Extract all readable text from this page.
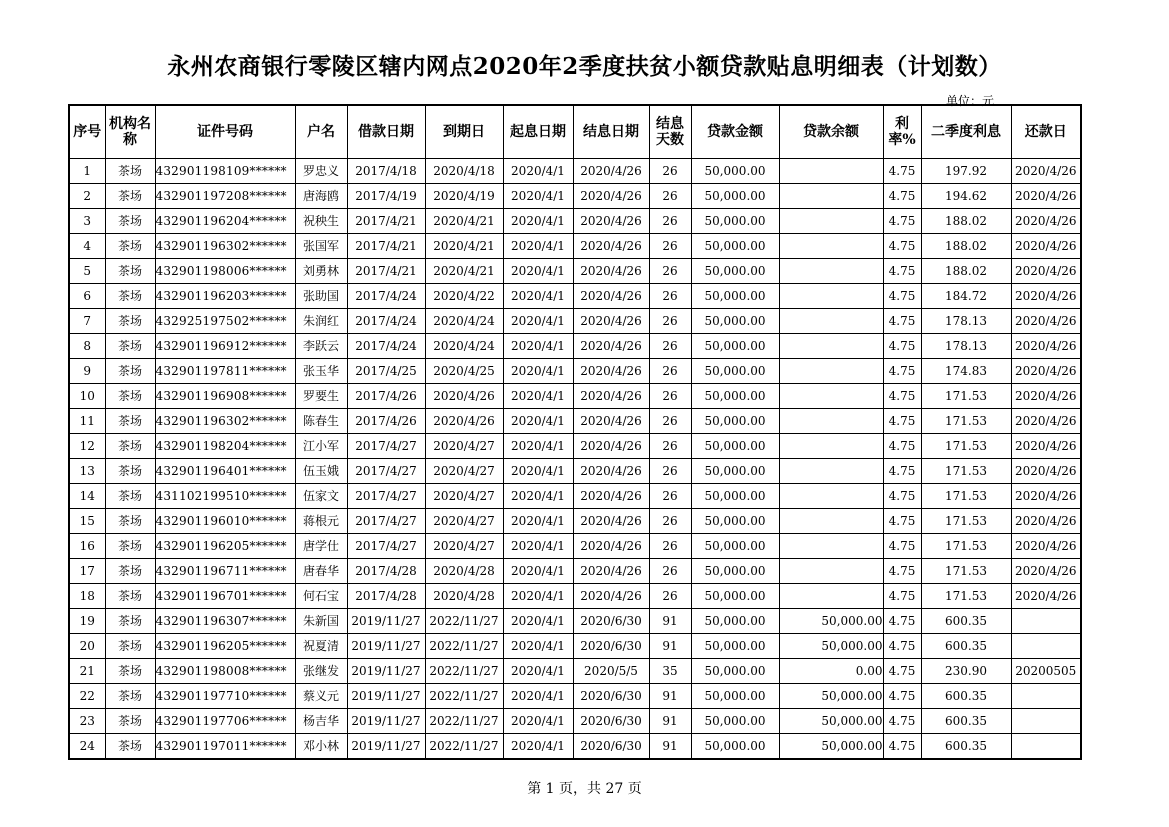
永州农商银行零陵区辖内网点2020年2季度扶贫小额贷款贴息明细表（计划数）
单位：元
序号	机构名称	证件号码	户名	借款日期	到期日	起息日期	结息日期	结息天数	贷款金额	贷款余额	利率%	二季度利息	还款日
1	茶场	432901198109******	罗忠义	2017/4/18	2020/4/18	2020/4/1	2020/4/26	26	50,000.00		4.75	197.92	2020/4/26
2	茶场	432901197208******	唐海鸥	2017/4/19	2020/4/19	2020/4/1	2020/4/26	26	50,000.00		4.75	194.62	2020/4/26
3	茶场	432901196204******	祝秧生	2017/4/21	2020/4/21	2020/4/1	2020/4/26	26	50,000.00		4.75	188.02	2020/4/26
4	茶场	432901196302******	张国军	2017/4/21	2020/4/21	2020/4/1	2020/4/26	26	50,000.00		4.75	188.02	2020/4/26
5	茶场	432901198006******	刘勇林	2017/4/21	2020/4/21	2020/4/1	2020/4/26	26	50,000.00		4.75	188.02	2020/4/26
6	茶场	432901196203******	张助国	2017/4/24	2020/4/22	2020/4/1	2020/4/26	26	50,000.00		4.75	184.72	2020/4/26
7	茶场	432925197502******	朱润红	2017/4/24	2020/4/24	2020/4/1	2020/4/26	26	50,000.00		4.75	178.13	2020/4/26
8	茶场	432901196912******	李跃云	2017/4/24	2020/4/24	2020/4/1	2020/4/26	26	50,000.00		4.75	178.13	2020/4/26
9	茶场	432901197811******	张玉华	2017/4/25	2020/4/25	2020/4/1	2020/4/26	26	50,000.00		4.75	174.83	2020/4/26
10	茶场	432901196908******	罗要生	2017/4/26	2020/4/26	2020/4/1	2020/4/26	26	50,000.00		4.75	171.53	2020/4/26
11	茶场	432901196302******	陈春生	2017/4/26	2020/4/26	2020/4/1	2020/4/26	26	50,000.00		4.75	171.53	2020/4/26
12	茶场	432901198204******	江小军	2017/4/27	2020/4/27	2020/4/1	2020/4/26	26	50,000.00		4.75	171.53	2020/4/26
13	茶场	432901196401******	伍玉娥	2017/4/27	2020/4/27	2020/4/1	2020/4/26	26	50,000.00		4.75	171.53	2020/4/26
14	茶场	431102199510******	伍家文	2017/4/27	2020/4/27	2020/4/1	2020/4/26	26	50,000.00		4.75	171.53	2020/4/26
15	茶场	432901196010******	蒋根元	2017/4/27	2020/4/27	2020/4/1	2020/4/26	26	50,000.00		4.75	171.53	2020/4/26
16	茶场	432901196205******	唐学仕	2017/4/27	2020/4/27	2020/4/1	2020/4/26	26	50,000.00		4.75	171.53	2020/4/26
17	茶场	432901196711******	唐春华	2017/4/28	2020/4/28	2020/4/1	2020/4/26	26	50,000.00		4.75	171.53	2020/4/26
18	茶场	432901196701******	何石宝	2017/4/28	2020/4/28	2020/4/1	2020/4/26	26	50,000.00		4.75	171.53	2020/4/26
19	茶场	432901196307******	朱新国	2019/11/27	2022/11/27	2020/4/1	2020/6/30	91	50,000.00	50,000.00	4.75	600.35	
20	茶场	432901196205******	祝夏清	2019/11/27	2022/11/27	2020/4/1	2020/6/30	91	50,000.00	50,000.00	4.75	600.35	
21	茶场	432901198008******	张继发	2019/11/27	2022/11/27	2020/4/1	2020/5/5	35	50,000.00	0.00	4.75	230.90	20200505
22	茶场	432901197710******	蔡义元	2019/11/27	2022/11/27	2020/4/1	2020/6/30	91	50,000.00	50,000.00	4.75	600.35	
23	茶场	432901197706******	杨吉华	2019/11/27	2022/11/27	2020/4/1	2020/6/30	91	50,000.00	50,000.00	4.75	600.35	
24	茶场	432901197011******	邓小林	2019/11/27	2022/11/27	2020/4/1	2020/6/30	91	50,000.00	50,000.00	4.75	600.35	
第 1 页，共 27 页
